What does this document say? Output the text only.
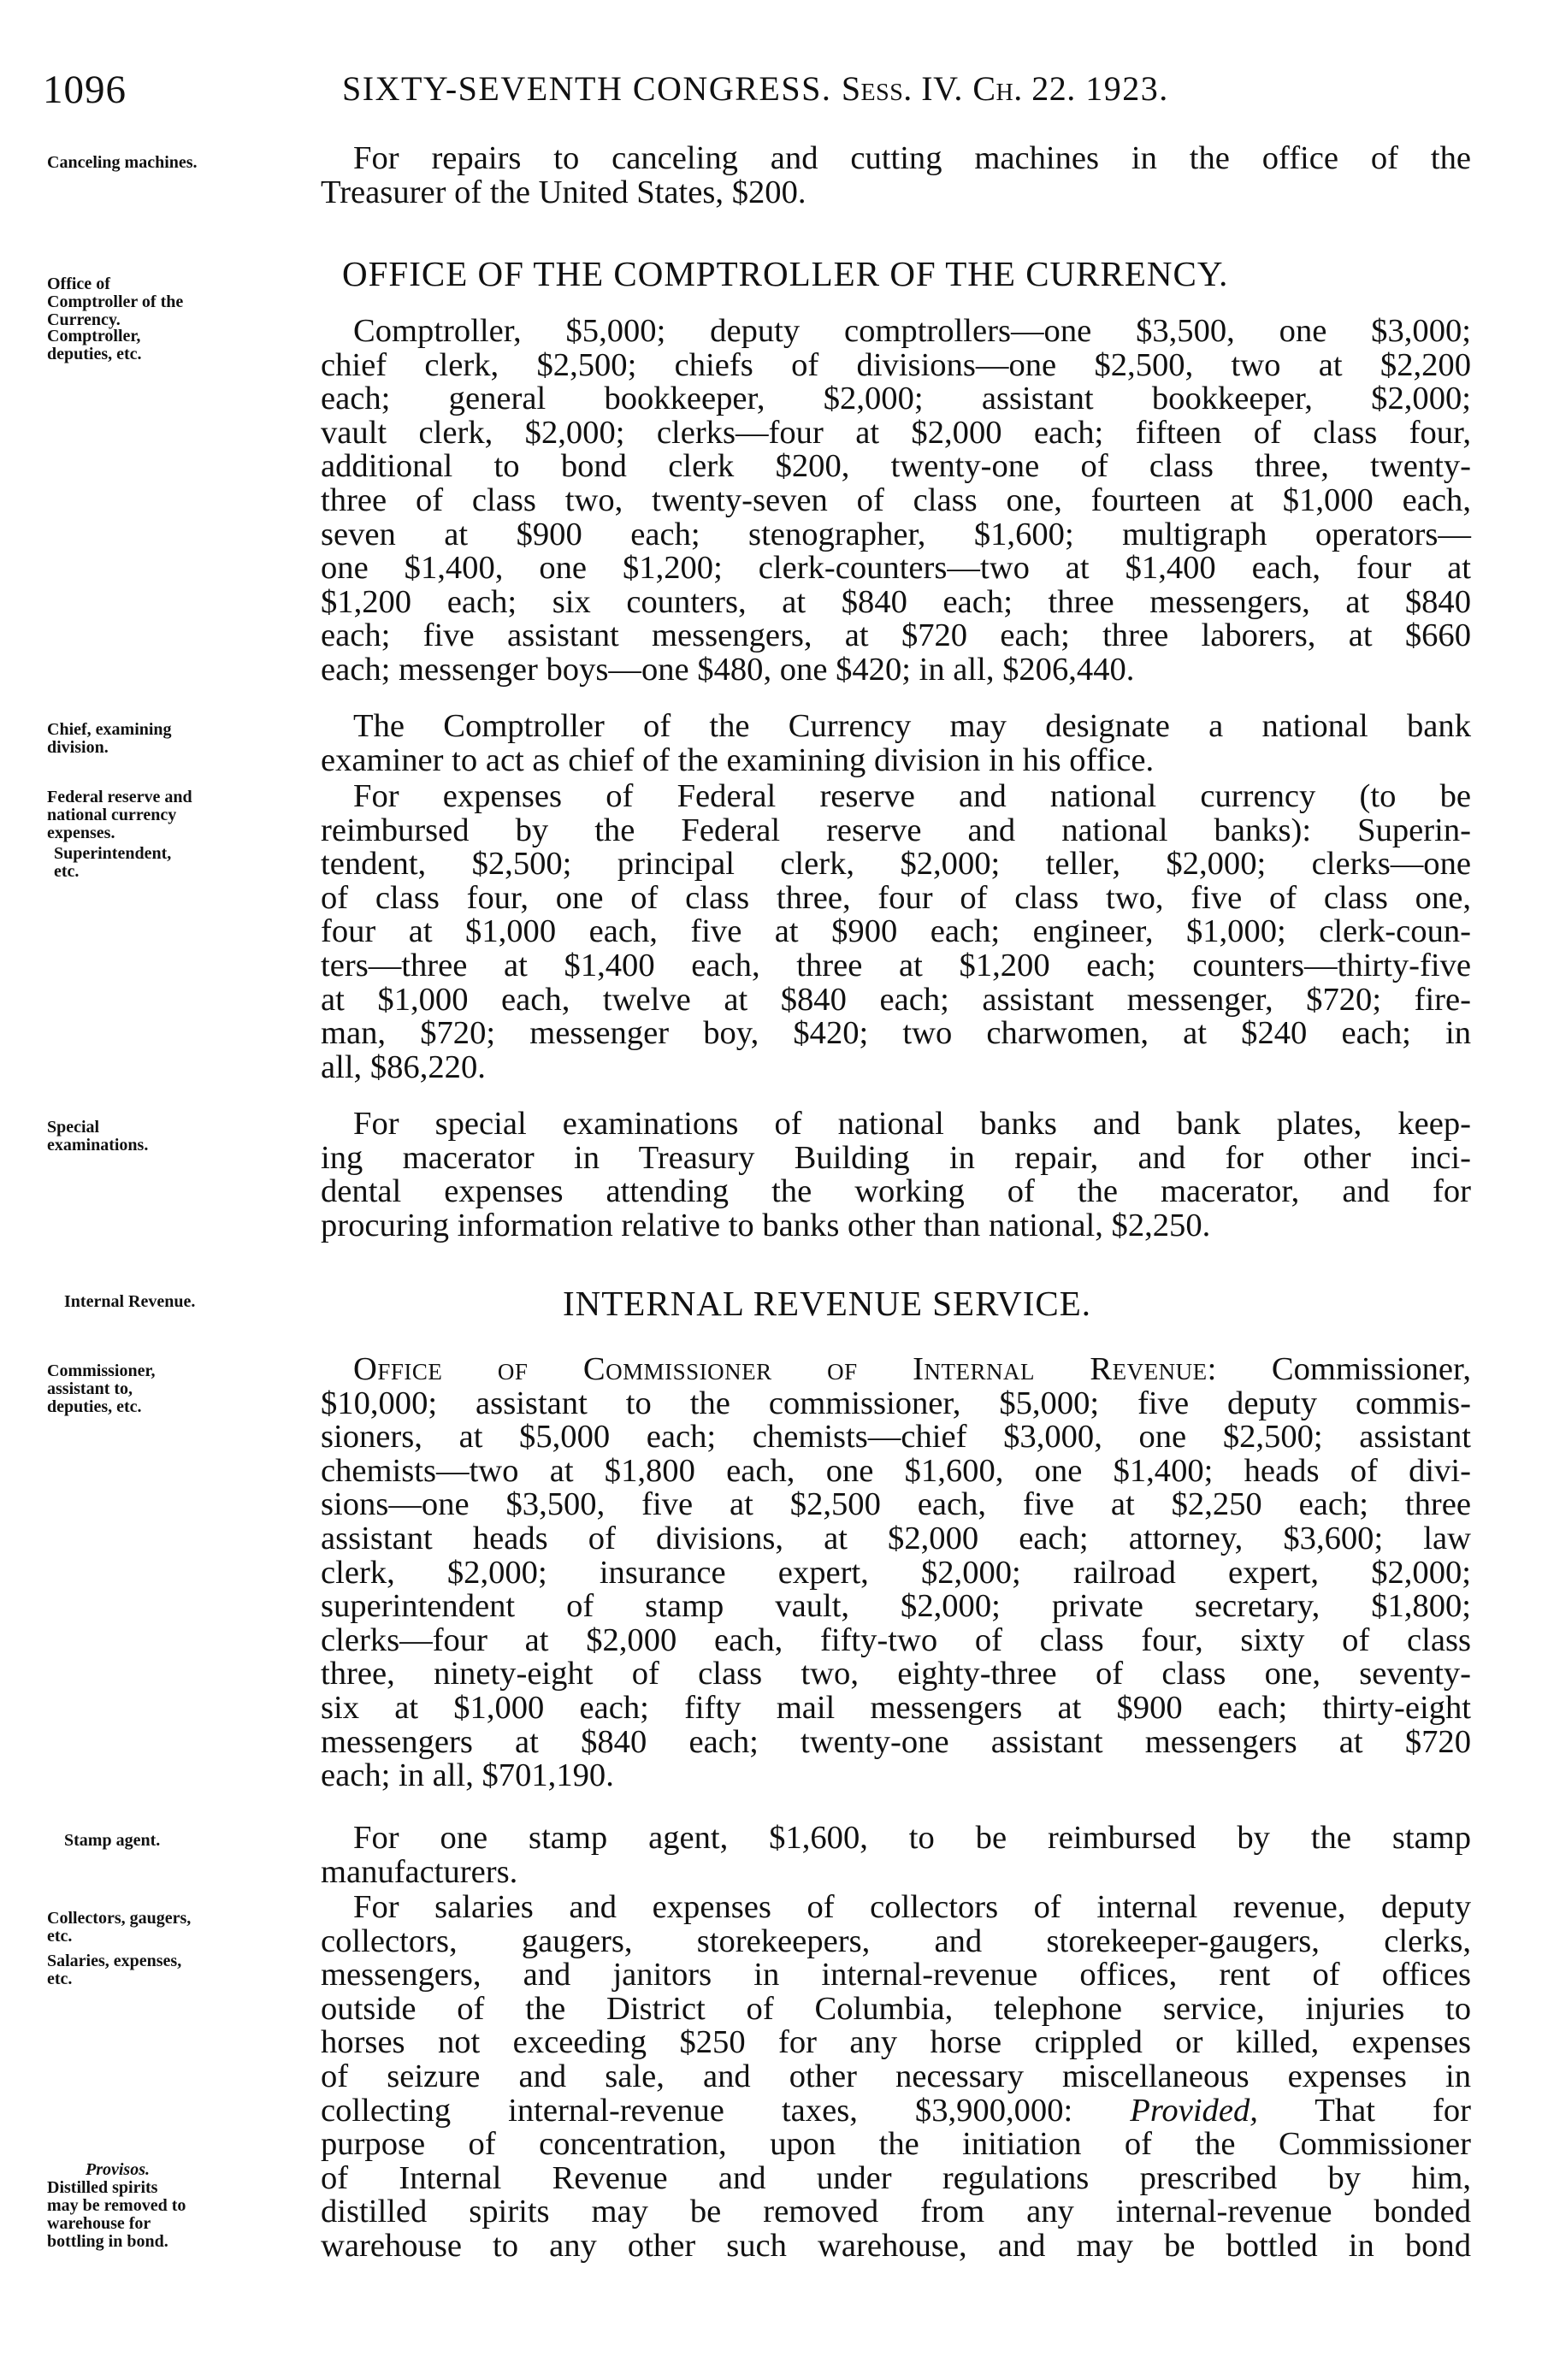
1096	SIXTY-SEVENTH CONGRESS. Sess. IV. Ch. 22. 1923.
Canceling machines.
Office of Comptroller of the Currency.
Comptroller, deputies, etc.
Chief, examining division.
Federal reserve and national currency expenses.
Superintendent, etc.
Special examinations.
Internal Revenue.
Commissioner, assistant to, deputies, etc.
Stamp agent.
Collectors, gaugers, etc.
Salaries, expenses, etc.
Provisos.
Distilled spirits may be removed to warehouse for bottling in bond.
For repairs to canceling and cutting machines in the office of the
Treasurer of the United States, $200.
OFFICE OF THE COMPTROLLER OF THE CURRENCY.
Comptroller, $5,000; deputy comptrollers—one $3,500, one $3,000;
chief clerk, $2,500; chiefs of divisions—one $2,500, two at $2,200
each; general bookkeeper, $2,000; assistant bookkeeper, $2,000;
vault clerk, $2,000; clerks—four at $2,000 each; fifteen of class four,
additional to bond clerk $200, twenty-one of class three, twenty-
three of class two, twenty-seven of class one, fourteen at $1,000 each,
seven at $900 each; stenographer, $1,600; multigraph operators—
one $1,400, one $1,200; clerk-counters—two at $1,400 each, four at
$1,200 each; six counters, at $840 each; three messengers, at $840
each; five assistant messengers, at $720 each; three laborers, at $660
each; messenger boys—one $480, one $420; in all, $206,440.
The Comptroller of the Currency may designate a national bank
examiner to act as chief of the examining division in his office.
For expenses of Federal reserve and national currency (to be
reimbursed by the Federal reserve and national banks): Superin-
tendent, $2,500; principal clerk, $2,000; teller, $2,000; clerks—one
of class four, one of class three, four of class two, five of class one,
four at $1,000 each, five at $900 each; engineer, $1,000; clerk-coun-
ters—three at $1,400 each, three at $1,200 each; counters—thirty-five
at $1,000 each, twelve at $840 each; assistant messenger, $720; fire-
man, $720; messenger boy, $420; two charwomen, at $240 each; in
all, $86,220.
For special examinations of national banks and bank plates, keep-
ing macerator in Treasury Building in repair, and for other inci-
dental expenses attending the working of the macerator, and for
procuring information relative to banks other than national, $2,250.
INTERNAL REVENUE SERVICE.
Office of Commissioner of Internal Revenue: Commissioner,
$10,000; assistant to the commissioner, $5,000; five deputy commis-
sioners, at $5,000 each; chemists—chief $3,000, one $2,500; assistant
chemists—two at $1,800 each, one $1,600, one $1,400; heads of divi-
sions—one $3,500, five at $2,500 each, five at $2,250 each; three
assistant heads of divisions, at $2,000 each; attorney, $3,600; law
clerk, $2,000; insurance expert, $2,000; railroad expert, $2,000;
superintendent of stamp vault, $2,000; private secretary, $1,800;
clerks—four at $2,000 each, fifty-two of class four, sixty of class
three, ninety-eight of class two, eighty-three of class one, seventy-
six at $1,000 each; fifty mail messengers at $900 each; thirty-eight
messengers at $840 each; twenty-one assistant messengers at $720
each; in all, $701,190.
For one stamp agent, $1,600, to be reimbursed by the stamp
manufacturers.
For salaries and expenses of collectors of internal revenue, deputy
collectors, gaugers, storekeepers, and storekeeper-gaugers, clerks,
messengers, and janitors in internal-revenue offices, rent of offices
outside of the District of Columbia, telephone service, injuries to
horses not exceeding $250 for any horse crippled or killed, expenses
of seizure and sale, and other necessary miscellaneous expenses in
collecting internal-revenue taxes, $3,900,000: Provided, That for
purpose of concentration, upon the initiation of the Commissioner
of Internal Revenue and under regulations prescribed by him,
distilled spirits may be removed from any internal-revenue bonded
warehouse to any other such warehouse, and may be bottled in bond
